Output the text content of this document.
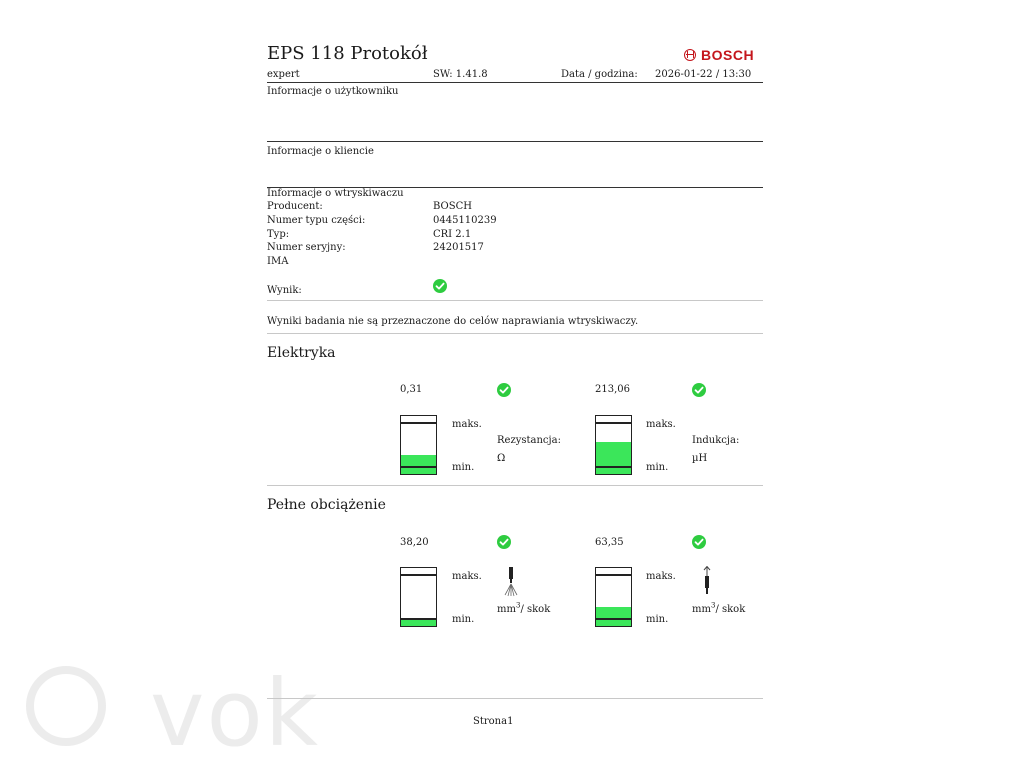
EPS 118 Protokół	BOSCH
expert	SW: 1.41.8	Data / godzina: 2026-01-22 / 13:30
Informacje o użytkowniku
Informacje o kliencie
Informacje o wtryskiwaczu
Producent:	BOSCH
Numer typu części:	0445110239
Typ:	CRI 2.1
Numer seryjny:	24201517
IMA
Wynik:
Wyniki badania nie są przeznaczone do celów naprawiania wtryskiwaczy.
Elektryka
0,31
maks.
min.
Rezystancja:
Ω
213,06
maks.
min.
Indukcja:
µH
Pełne obciążenie
38,20
maks.
min.
$mm^3/$ skok
63,35
maks.
min.
$mm^3/$ skok
Strona1
vok
